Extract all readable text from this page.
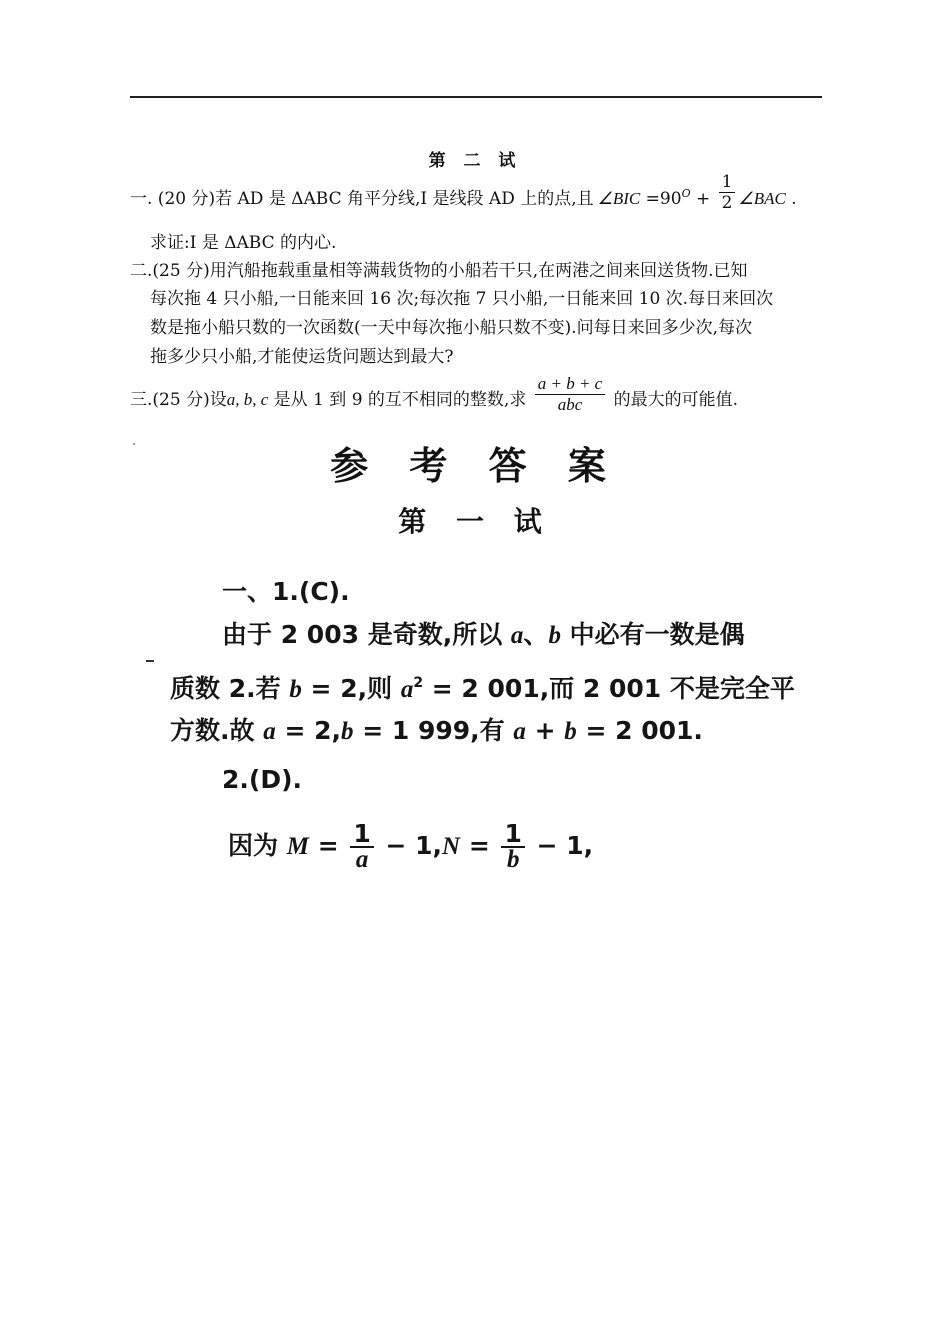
第 二 试
一. (20 分)若 AD 是 ΔABC 角平分线,I 是线段 AD 上的点,且 ∠BIC $=90^O + \frac{1}{2}$ ∠BAC .
求证:I 是 ΔABC 的内心.
二.(25 分)用汽船拖载重量相等满载货物的小船若干只,在两港之间来回送货物.已知
每次拖 4 只小船,一日能来回 16 次;每次拖 7 只小船,一日能来回 10 次.每日来回次
数是拖小船只数的一次函数(一天中每次拖小船只数不变).问每日来回多少次,每次
拖多少只小船,才能使运货问题达到最大?
三.(25 分)设a, b, c 是从 1 到 9 的互不相同的整数,求 $\frac{a + b + c}{\text{abc}}$ 的最大的可能值.
参 考 答 案
第 一 试
一、1.(C).
由于 2 003 是奇数,所以 a、b 中必有一数是偶
质数 2.若 b = 2,则 $a^2 = 2$ 001,而 2 001 不是完全平
方数.故 a = 2,b = 1 999,有 a + b = 2 001.
2.(D).
因为 $M = \frac{1}{a} - 1,N = \frac{1}{b} - 1$,
